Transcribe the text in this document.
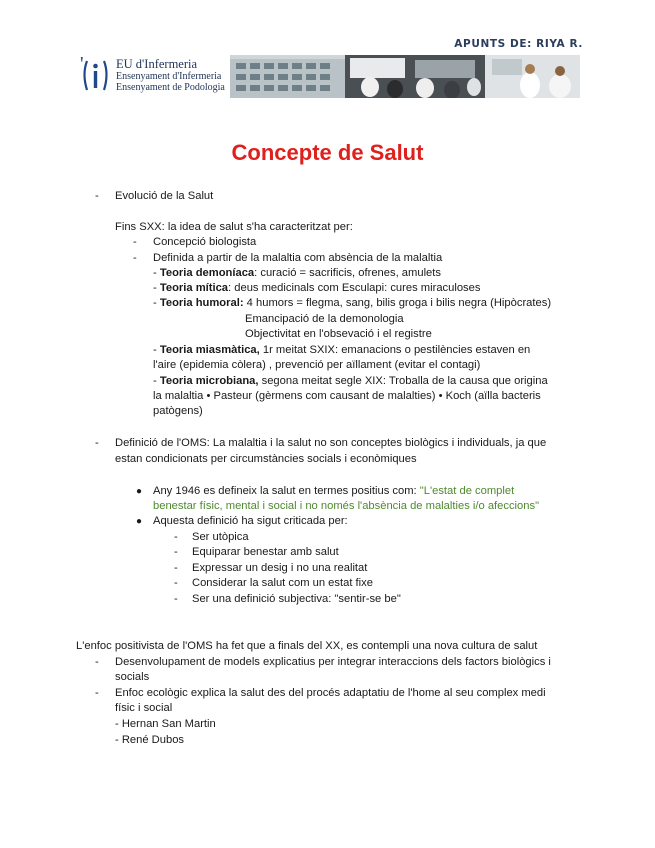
APUNTS DE: RIYA R.
'	EU d'Infermeria
Ensenyament d'Infermeria
Ensenyament de Podologia
Concepte de Salut
- Evolució de la Salut
Fins SXX: la idea de salut s'ha caracteritzat per:
- Concepció biologista
- Definida a partir de la malaltia com absència de la malaltia
- Teoria demoníaca: curació = sacrificis, ofrenes, amulets
- Teoria mítica: deus medicinals com Esculapi: cures miraculoses
- Teoria humoral: 4 humors = flegma, sang, bilis groga i bilis negra (Hipòcrates)
Emancipació de la demonologia
Objectivitat en l'obsevació i el registre
- Teoria miasmàtica, 1r meitat SXIX: emanacions o pestilències estaven en
l'aire (epidemia còlera) , prevenció per aïllament (evitar el contagi)
- Teoria microbiana, segona meitat segle XIX: Troballa de la causa que origina
la malaltia • Pasteur (gèrmens com causant de malalties) • Koch (aïlla bacteris
patògens)
- Definició de l'OMS: La malaltia i la salut no son conceptes biològics i individuals, ja que
estan condicionats per circumstàncies socials i econòmiques
● Any 1946 es defineix la salut en termes positius com: "L'estat de complet
benestar físic, mental i social i no només l'absència de malalties i/o afeccions"
● Aquesta definició ha sigut criticada per:
- Ser utòpica
- Equiparar benestar amb salut
- Expressar un desig i no una realitat
- Considerar la salut com un estat fixe
- Ser una definició subjectiva: "sentir-se be"
L'enfoc positivista de l'OMS ha fet que a finals del XX, es contempli una nova cultura de salut
- Desenvolupament de models explicatius per integrar interaccions dels factors biològics i
socials
- Enfoc ecològic explica la salut des del procés adaptatiu de l'home al seu complex medi
físic i social
- Hernan San Martin
- René Dubos
